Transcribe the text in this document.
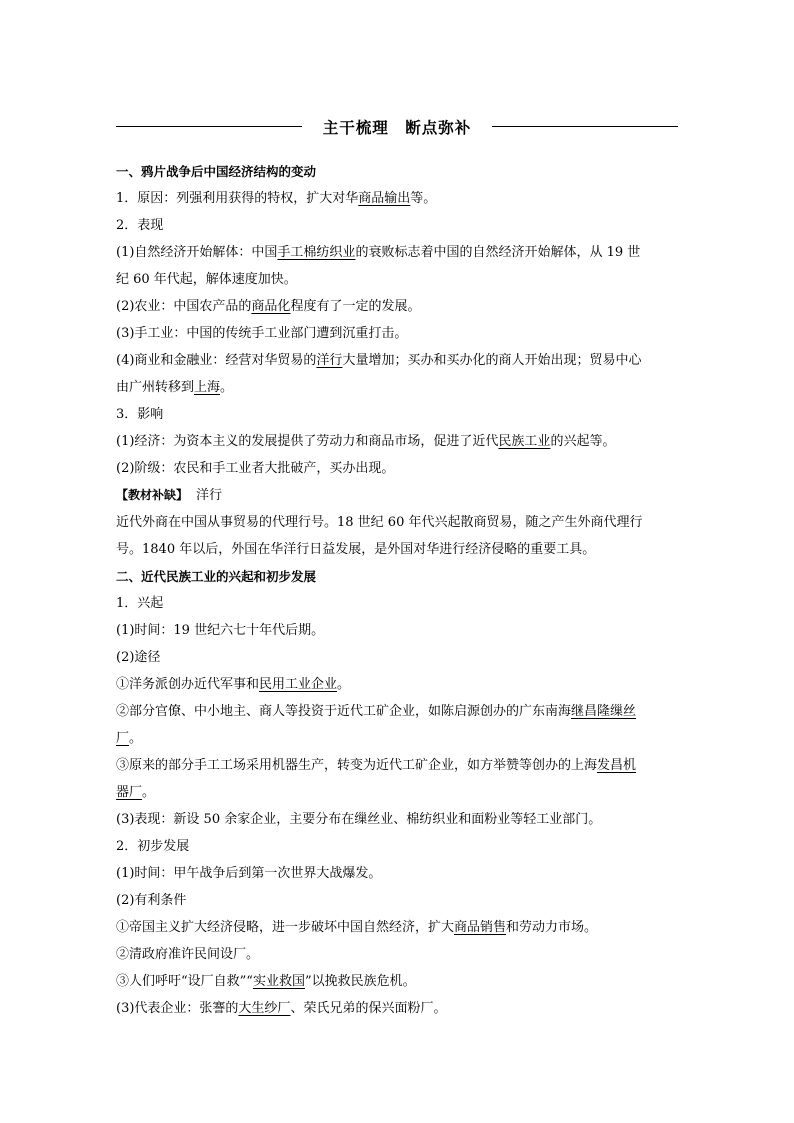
主干梳理　断点弥补
一、鸦片战争后中国经济结构的变动
1．原因：列强利用获得的特权，扩大对华商品输出等。
2．表现
(1)自然经济开始解体：中国手工棉纺织业的衰败标志着中国的自然经济开始解体，从 19 世
纪 60 年代起，解体速度加快。
(2)农业：中国农产品的商品化程度有了一定的发展。
(3)手工业：中国的传统手工业部门遭到沉重打击。
(4)商业和金融业：经营对华贸易的洋行大量增加；买办和买办化的商人开始出现；贸易中心
由广州转移到上海。
3．影响
(1)经济：为资本主义的发展提供了劳动力和商品市场，促进了近代民族工业的兴起等。
(2)阶级：农民和手工业者大批破产，买办出现。
【教材补缺】 洋行
近代外商在中国从事贸易的代理行号。18 世纪 60 年代兴起散商贸易，随之产生外商代理行
号。1840 年以后，外国在华洋行日益发展，是外国对华进行经济侵略的重要工具。
二、近代民族工业的兴起和初步发展
1．兴起
(1)时间：19 世纪六七十年代后期。
(2)途径
①洋务派创办近代军事和民用工业企业。
②部分官僚、中小地主、商人等投资于近代工矿企业，如陈启源创办的广东南海继昌隆缫丝
厂。
③原来的部分手工工场采用机器生产，转变为近代工矿企业，如方举赞等创办的上海发昌机
器厂。
(3)表现：新设 50 余家企业，主要分布在缫丝业、棉纺织业和面粉业等轻工业部门。
2．初步发展
(1)时间：甲午战争后到第一次世界大战爆发。
(2)有利条件
①帝国主义扩大经济侵略，进一步破坏中国自然经济，扩大商品销售和劳动力市场。
②清政府准许民间设厂。
③人们呼吁“设厂自救”“实业救国”以挽救民族危机。
(3)代表企业：张謇的大生纱厂、荣氏兄弟的保兴面粉厂。
